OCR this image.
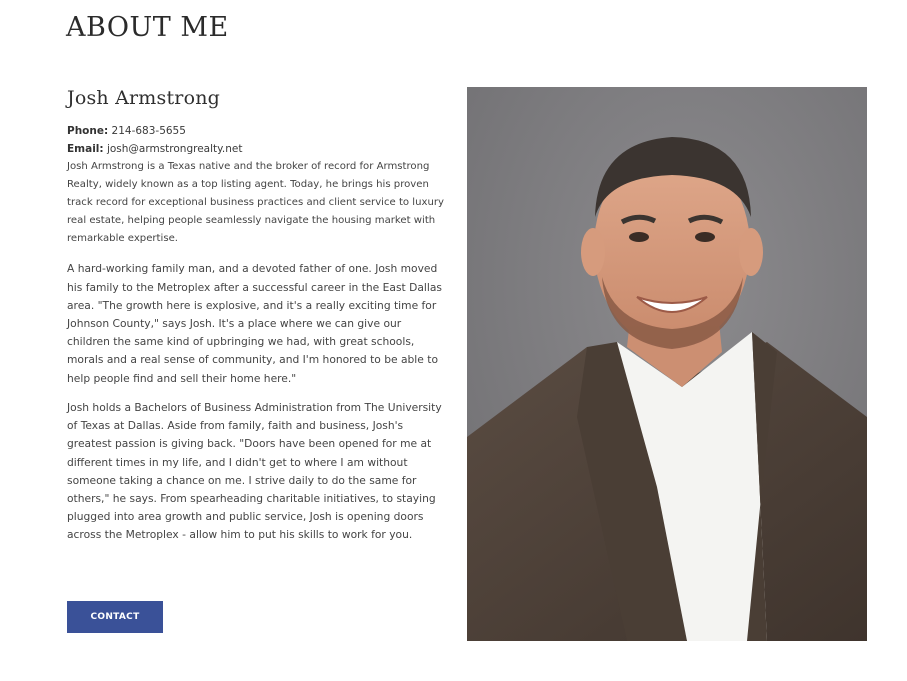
ABOUT ME
Josh Armstrong
Phone: 214-683-5655
Email: josh@armstrongrealty.net

Josh Armstrong is a Texas native and the broker of record for Armstrong Realty, widely known as a top listing agent. Today, he brings his proven track record for exceptional business practices and client service to luxury real estate, helping people seamlessly navigate the housing market with remarkable expertise.

A hard-working family man, and a devoted father of one. Josh moved his family to the Metroplex after a successful career in the East Dallas area. "The growth here is explosive, and it's a really exciting time for Johnson County," says Josh. It's a place where we can give our children the same kind of upbringing we had, with great schools, morals and a real sense of community, and I'm honored to be able to help people find and sell their home here."

Josh holds a Bachelors of Business Administration from The University of Texas at Dallas. Aside from family, faith and business, Josh's greatest passion is giving back. "Doors have been opened for me at different times in my life, and I didn't get to where I am without someone taking a chance on me. I strive daily to do the same for others," he says. From spearheading charitable initiatives, to staying plugged into area growth and public service, Josh is opening doors across the Metroplex - allow him to put his skills to work for you.

CONTACT
